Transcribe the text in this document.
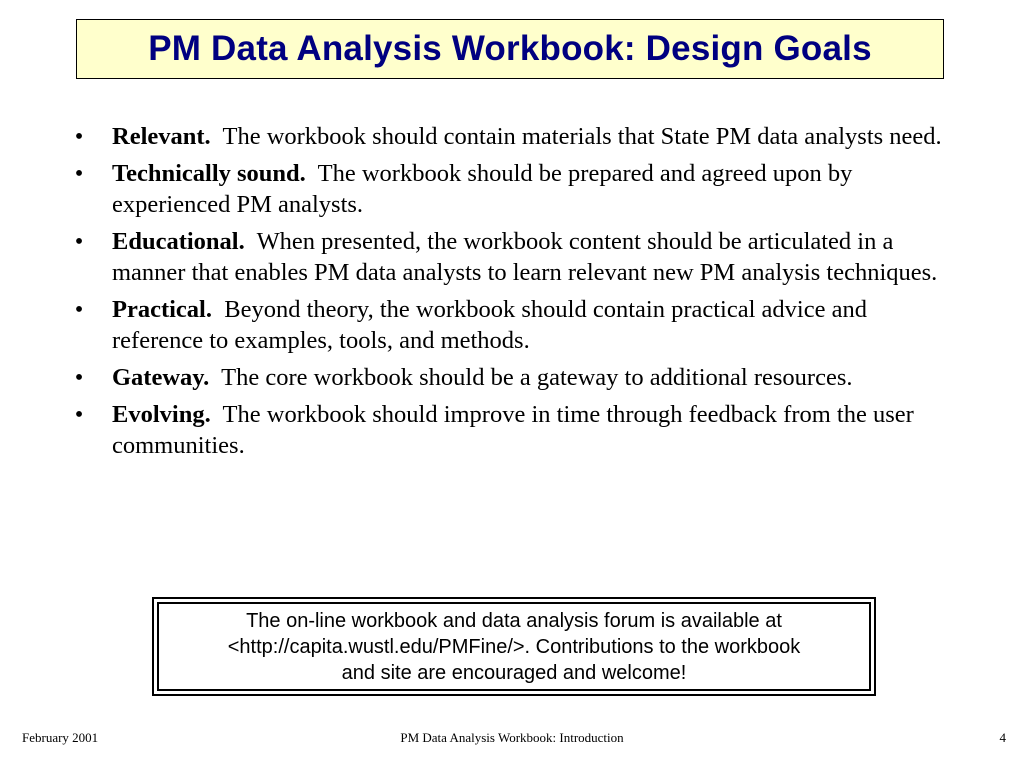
PM Data Analysis Workbook: Design Goals
• Relevant. The workbook should contain materials that State PM data analysts need.
• Technically sound. The workbook should be prepared and agreed upon by experienced PM analysts.
• Educational. When presented, the workbook content should be articulated in a manner that enables PM data analysts to learn relevant new PM analysis techniques.
• Practical. Beyond theory, the workbook should contain practical advice and reference to examples, tools, and methods.
• Gateway. The core workbook should be a gateway to additional resources.
• Evolving. The workbook should improve in time through feedback from the user communities.
The on-line workbook and data analysis forum is available at
<http://capita.wustl.edu/PMFine/>. Contributions to the workbook
and site are encouraged and welcome!
February 2001	PM Data Analysis Workbook: Introduction	4
